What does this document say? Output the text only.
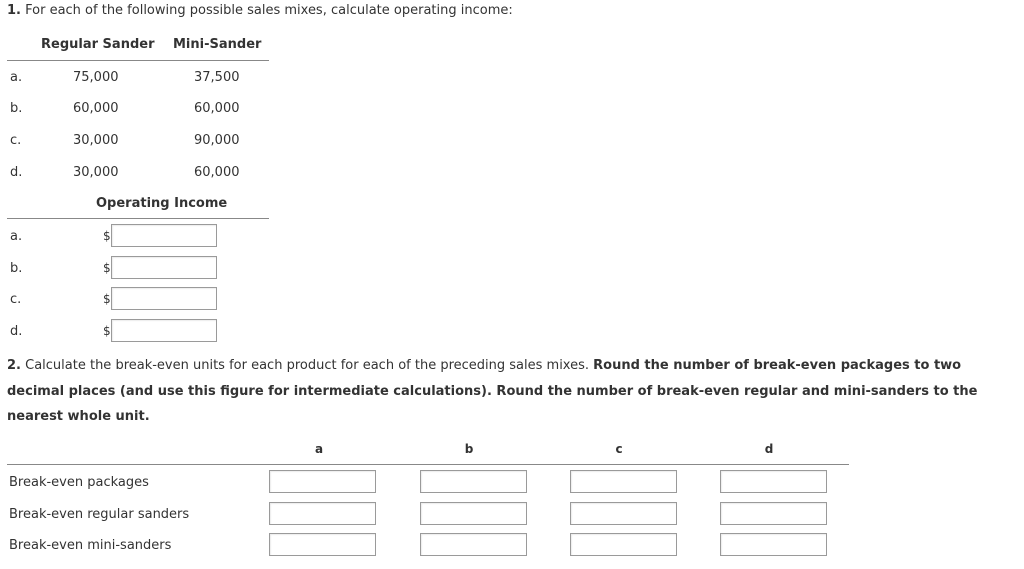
1. For each of the following possible sales mixes, calculate operating income:
Regular Sander Mini-Sander
a.	75,000	37,500
b.	60,000	60,000
c.	30,000	90,000
d.	30,000	60,000
Operating Income
a.	$
b.	$
c.	$
d.	$
2. Calculate the break-even units for each product for each of the preceding sales mixes. Round the number of break-even packages to two decimal places (and use this figure for intermediate calculations). Round the number of break-even regular and mini-sanders to the nearest whole unit.
a	b	c	d
Break-even packages
Break-even regular sanders
Break-even mini-sanders
